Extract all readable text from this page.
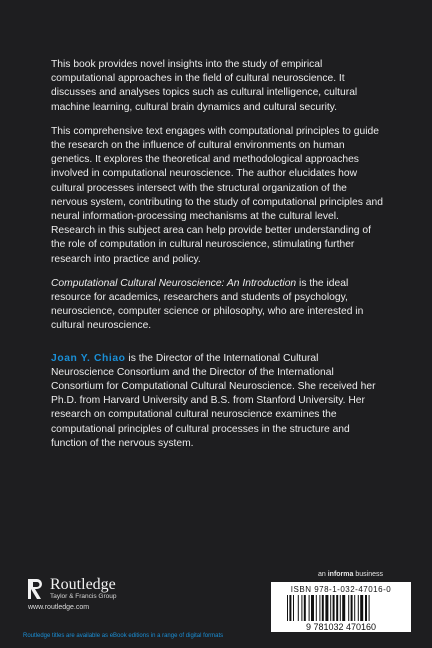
This book provides novel insights into the study of empirical computational approaches in the field of cultural neuroscience. It discusses and analyses topics such as cultural intelligence, cultural machine learning, cultural brain dynamics and cultural security.

This comprehensive text engages with computational principles to guide the research on the influence of cultural environments on human genetics. It explores the theoretical and methodological approaches involved in computational neuroscience. The author elucidates how cultural processes intersect with the structural organization of the nervous system, contributing to the study of computational principles and neural information-processing mechanisms at the cultural level. Research in this subject area can help provide better understanding of the role of computation in cultural neuroscience, stimulating further research into practice and policy.

Computational Cultural Neuroscience: An Introduction is the ideal resource for academics, researchers and students of psychology, neuroscience, computer science or philosophy, who are interested in cultural neuroscience.

Joan Y. Chiao is the Director of the International Cultural Neuroscience Consortium and the Director of the International Consortium for Computational Cultural Neuroscience. She received her Ph.D. from Harvard University and B.S. from Stanford University. Her research on computational cultural neuroscience examines the computational principles of cultural processes in the structure and function of the nervous system.

Routledge
Taylor & Francis Group
www.routledge.com
an informa business
ISBN 978-1-032-47016-0
9 781032 470160
Routledge titles are available as eBook editions in a range of digital formats
